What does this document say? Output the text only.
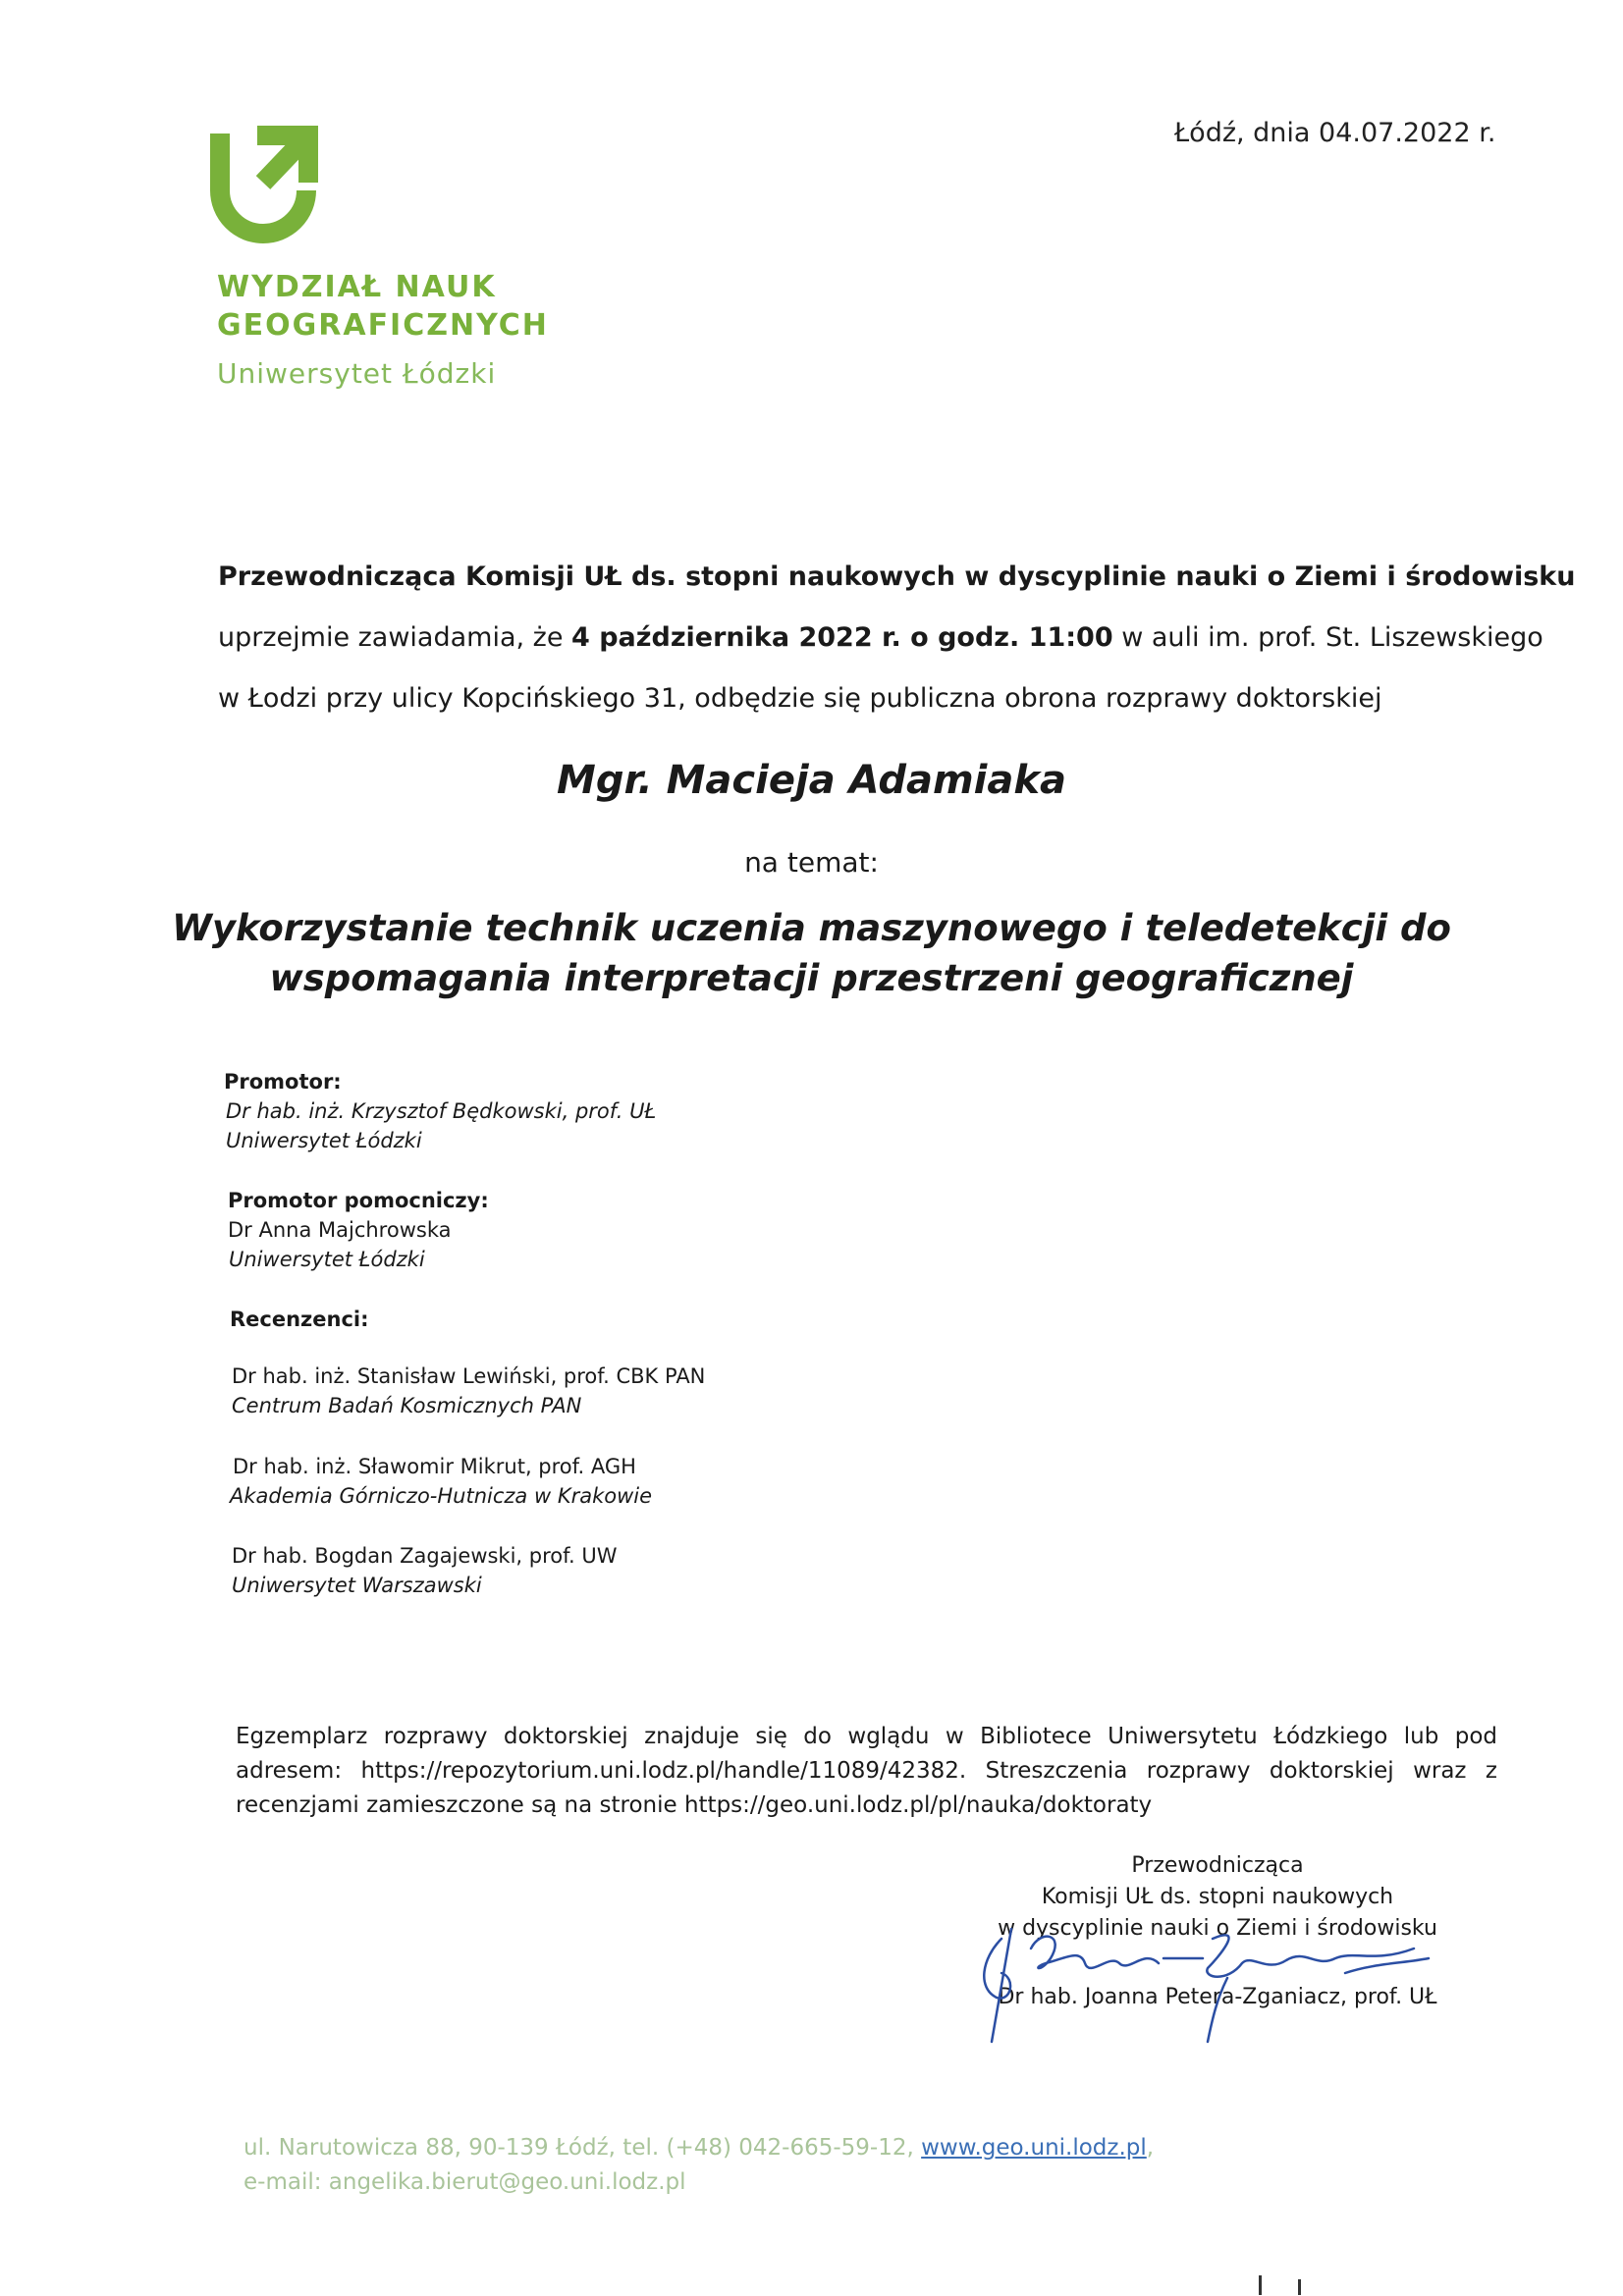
WYDZIAŁ NAUK
GEOGRAFICZNYCH
Uniwersytet Łódzki
Łódź, dnia 04.07.2022 r.
Przewodnicząca Komisji UŁ ds. stopni naukowych w dyscyplinie nauki o Ziemi i środowisku
uprzejmie zawiadamia, że 4 października 2022 r. o godz. 11:00 w auli im. prof. St. Liszewskiego
w Łodzi przy ulicy Kopcińskiego 31, odbędzie się publiczna obrona rozprawy doktorskiej
Mgr. Macieja Adamiaka
na temat:
Wykorzystanie technik uczenia maszynowego i teledetekcji do
wspomagania interpretacji przestrzeni geograficznej
Promotor:
Dr hab. inż. Krzysztof Będkowski, prof. UŁ
Uniwersytet Łódzki
Promotor pomocniczy:
Dr Anna Majchrowska
Uniwersytet Łódzki
Recenzenci:
Dr hab. inż. Stanisław Lewiński, prof. CBK PAN
Centrum Badań Kosmicznych PAN
Dr hab. inż. Sławomir Mikrut, prof. AGH
Akademia Górniczo-Hutnicza w Krakowie
Dr hab. Bogdan Zagajewski, prof. UW
Uniwersytet Warszawski
Egzemplarz rozprawy doktorskiej znajduje się do wglądu w Bibliotece Uniwersytetu Łódzkiego lub pod adresem: https://repozytorium.uni.lodz.pl/handle/11089/42382. Streszczenia rozprawy doktorskiej wraz z recenzjami zamieszczone są na stronie https://geo.uni.lodz.pl/pl/nauka/doktoraty
Przewodnicząca
Komisji UŁ ds. stopni naukowych
w dyscyplinie nauki o Ziemi i środowisku
Dr hab. Joanna Petera-Zganiacz, prof. UŁ
ul. Narutowicza 88, 90-139 Łódź, tel. (+48) 042-665-59-12, www.geo.uni.lodz.pl,
e-mail: angelika.bierut@geo.uni.lodz.pl
